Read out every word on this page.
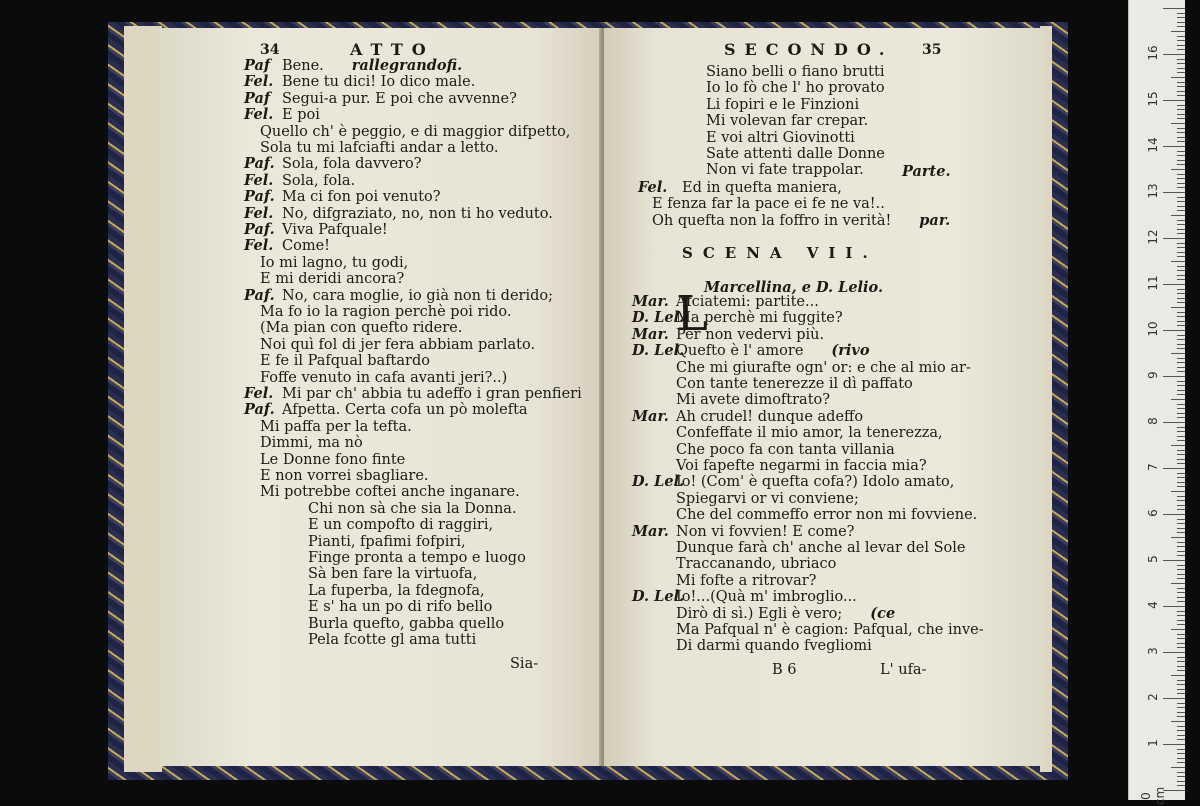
34	ATTO
Paf Bene. rallegrandofi.
Fel. Bene tu dici! Io dico male.
Paf Segui-a pur. E poi che avvenne?
Fel. E poi
Quello ch' è peggio, e di maggior difpetto,
Sola tu mi lafciafti andar a letto.
Paf. Sola, fola davvero?
Fel. Sola, fola.
Paf. Ma ci fon poi venuto?
Fel. No, difgraziato, no, non ti ho veduto.
Paf. Viva Pafquale!
Fel. Come!
Io mi lagno, tu godi,
E mi deridi ancora?
Paf. No, cara moglie, io già non ti derido;
Ma fo io la ragion perchè poi rido.
(Ma pian con quefto ridere.
Noi quì fol di jer fera abbiam parlato.
E fe il Pafqual baftardo
Foffe venuto in cafa avanti jeri?..)
Fel. Mi par ch' abbia tu adeffo i gran penfieri
Paf. Afpetta. Certa cofa un pò molefta
Mi paffa per la tefta.
Dimmi, ma nò
Le Donne fono finte
E non vorrei sbagliare.
Mi potrebbe coftei anche inganare.
Chi non sà che sia la Donna.
E un compofto di raggiri,
Pianti, fpafimi fofpiri,
Finge pronta a tempo e luogo
Sà ben fare la virtuofa,
La fuperba, la fdegnofa,
E s' ha un po di rifo bello
Burla quefto, gabba quello
Pela fcotte gl ama tutti
Sia-
SECONDO. 35
Siano belli o fiano brutti
Io lo fò che l' ho provato
Li fopiri e le Finzioni
Mi volevan far crepar.
E voi altri Giovinotti
Sate attenti dalle Donne
Non vi fate trappolar.	Parte.
Fel. Ed in quefta maniera,
E fenza far la pace ei fe ne va!..
Oh quefta non la foffro in verità! par.
SCENA VII.
Marcellina, e D. Lelio.
L
Mar. Afciatemi: partite...
D. Lel.Ma perchè mi fuggite?
Mar. Per non vedervi più.
D. Lel.Quefto è l' amore (rivo
Che mi giurafte ogn' or: e che al mio ar-
Con tante tenerezze il dì paffato
Mi avete dimoftrato?
Mar. Ah crudel! dunque adeffo
Confeffate il mio amor, la tenerezza,
Che poco fa con tanta villania
Voi fapefte negarmi in faccia mia?
D. Lel.Io! (Com' è quefta cofa?) Idolo amato,
Spiegarvi or vi conviene;
Che del commeffo error non mi fovviene.
Mar. Non vi fovvien! E come?
Dunque farà ch' anche al levar del Sole
Traccanando, ubriaco
Mi fofte a ritrovar?
D. Lel.Io!...(Quà m' imbroglio...
Dirò di sì.) Egli è vero; (ce
Ma Pafqual n' è cagion: Pafqual, che inve-
Di darmi quando fvegliomi
B 6	L' ufa-
16
15
14
13
12
11
10
9
8
7
6
5
4
3
2
1
0 cm
